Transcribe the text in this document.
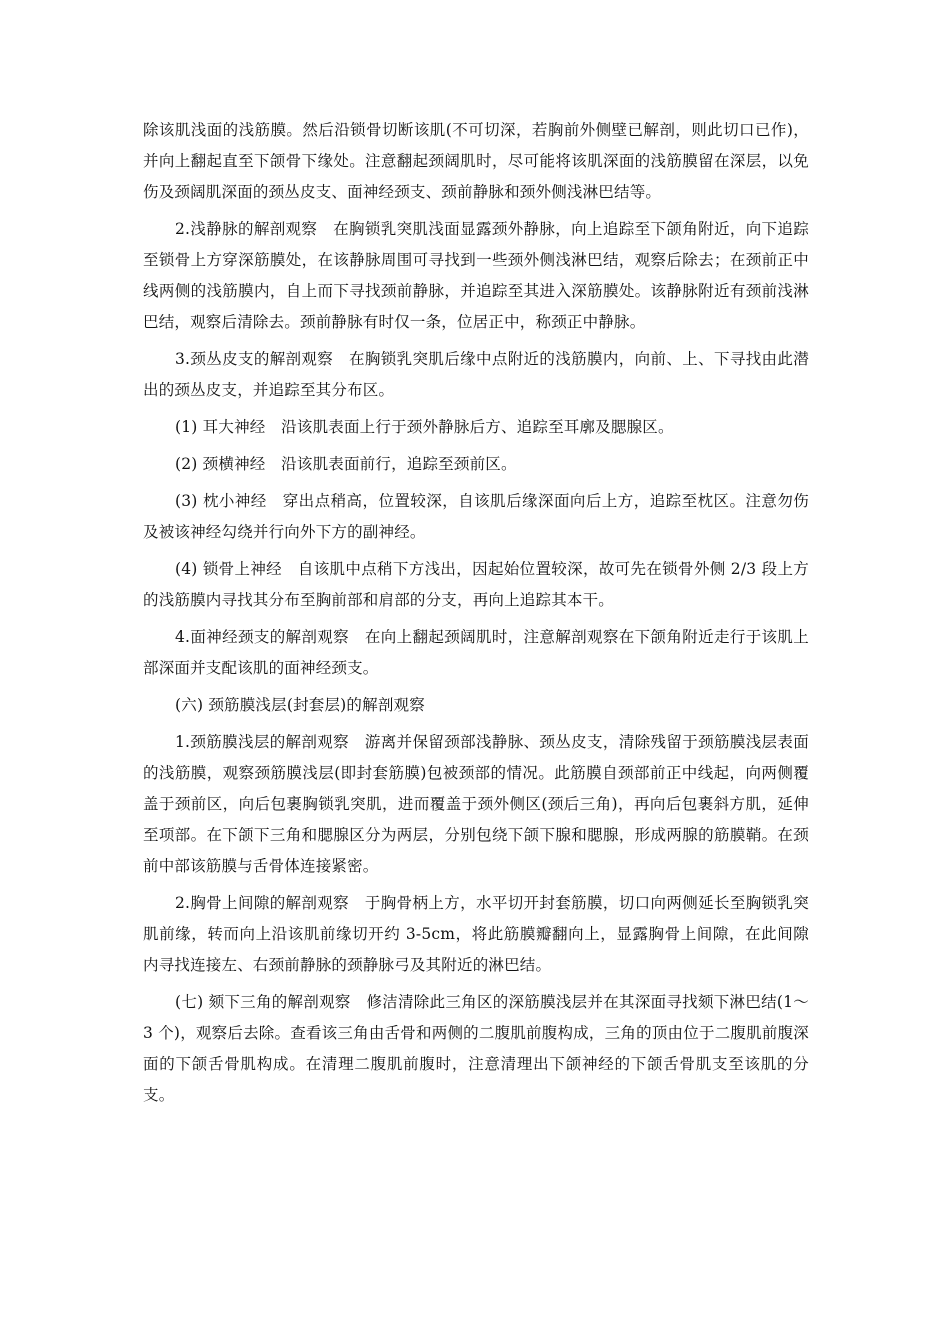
除该肌浅面的浅筋膜。然后沿锁骨切断该肌(不可切深，若胸前外侧壁已解剖，则此切口已作)，并向上翻起直至下颌骨下缘处。注意翻起颈阔肌时，尽可能将该肌深面的浅筋膜留在深层，以免伤及颈阔肌深面的颈丛皮支、面神经颈支、颈前静脉和颈外侧浅淋巴结等。

2.浅静脉的解剖观察　在胸锁乳突肌浅面显露颈外静脉，向上追踪至下颌角附近，向下追踪至锁骨上方穿深筋膜处，在该静脉周围可寻找到一些颈外侧浅淋巴结，观察后除去；在颈前正中线两侧的浅筋膜内，自上而下寻找颈前静脉，并追踪至其进入深筋膜处。该静脉附近有颈前浅淋巴结，观察后清除去。颈前静脉有时仅一条，位居正中，称颈正中静脉。

3.颈丛皮支的解剖观察　在胸锁乳突肌后缘中点附近的浅筋膜内，向前、上、下寻找由此潜出的颈丛皮支，并追踪至其分布区。

(1) 耳大神经　沿该肌表面上行于颈外静脉后方、追踪至耳廓及腮腺区。

(2) 颈横神经　沿该肌表面前行，追踪至颈前区。

(3) 枕小神经　穿出点稍高，位置较深，自该肌后缘深面向后上方，追踪至枕区。注意勿伤及被该神经勾绕并行向外下方的副神经。

(4) 锁骨上神经　自该肌中点稍下方浅出，因起始位置较深，故可先在锁骨外侧 2/3 段上方的浅筋膜内寻找其分布至胸前部和肩部的分支，再向上追踪其本干。

4.面神经颈支的解剖观察　在向上翻起颈阔肌时，注意解剖观察在下颌角附近走行于该肌上部深面并支配该肌的面神经颈支。

(六) 颈筋膜浅层(封套层)的解剖观察

1.颈筋膜浅层的解剖观察　游离并保留颈部浅静脉、颈丛皮支，清除残留于颈筋膜浅层表面的浅筋膜，观察颈筋膜浅层(即封套筋膜)包被颈部的情况。此筋膜自颈部前正中线起，向两侧覆盖于颈前区，向后包裹胸锁乳突肌，进而覆盖于颈外侧区(颈后三角)，再向后包裹斜方肌，延伸至项部。在下颌下三角和腮腺区分为两层，分别包绕下颌下腺和腮腺，形成两腺的筋膜鞘。在颈前中部该筋膜与舌骨体连接紧密。

2.胸骨上间隙的解剖观察　于胸骨柄上方，水平切开封套筋膜，切口向两侧延长至胸锁乳突肌前缘，转而向上沿该肌前缘切开约 3-5cm，将此筋膜瓣翻向上，显露胸骨上间隙，在此间隙内寻找连接左、右颈前静脉的颈静脉弓及其附近的淋巴结。

(七) 颏下三角的解剖观察　修洁清除此三角区的深筋膜浅层并在其深面寻找颏下淋巴结(1～3 个)，观察后去除。查看该三角由舌骨和两侧的二腹肌前腹构成，三角的顶由位于二腹肌前腹深面的下颌舌骨肌构成。在清理二腹肌前腹时，注意清理出下颌神经的下颌舌骨肌支至该肌的分支。
